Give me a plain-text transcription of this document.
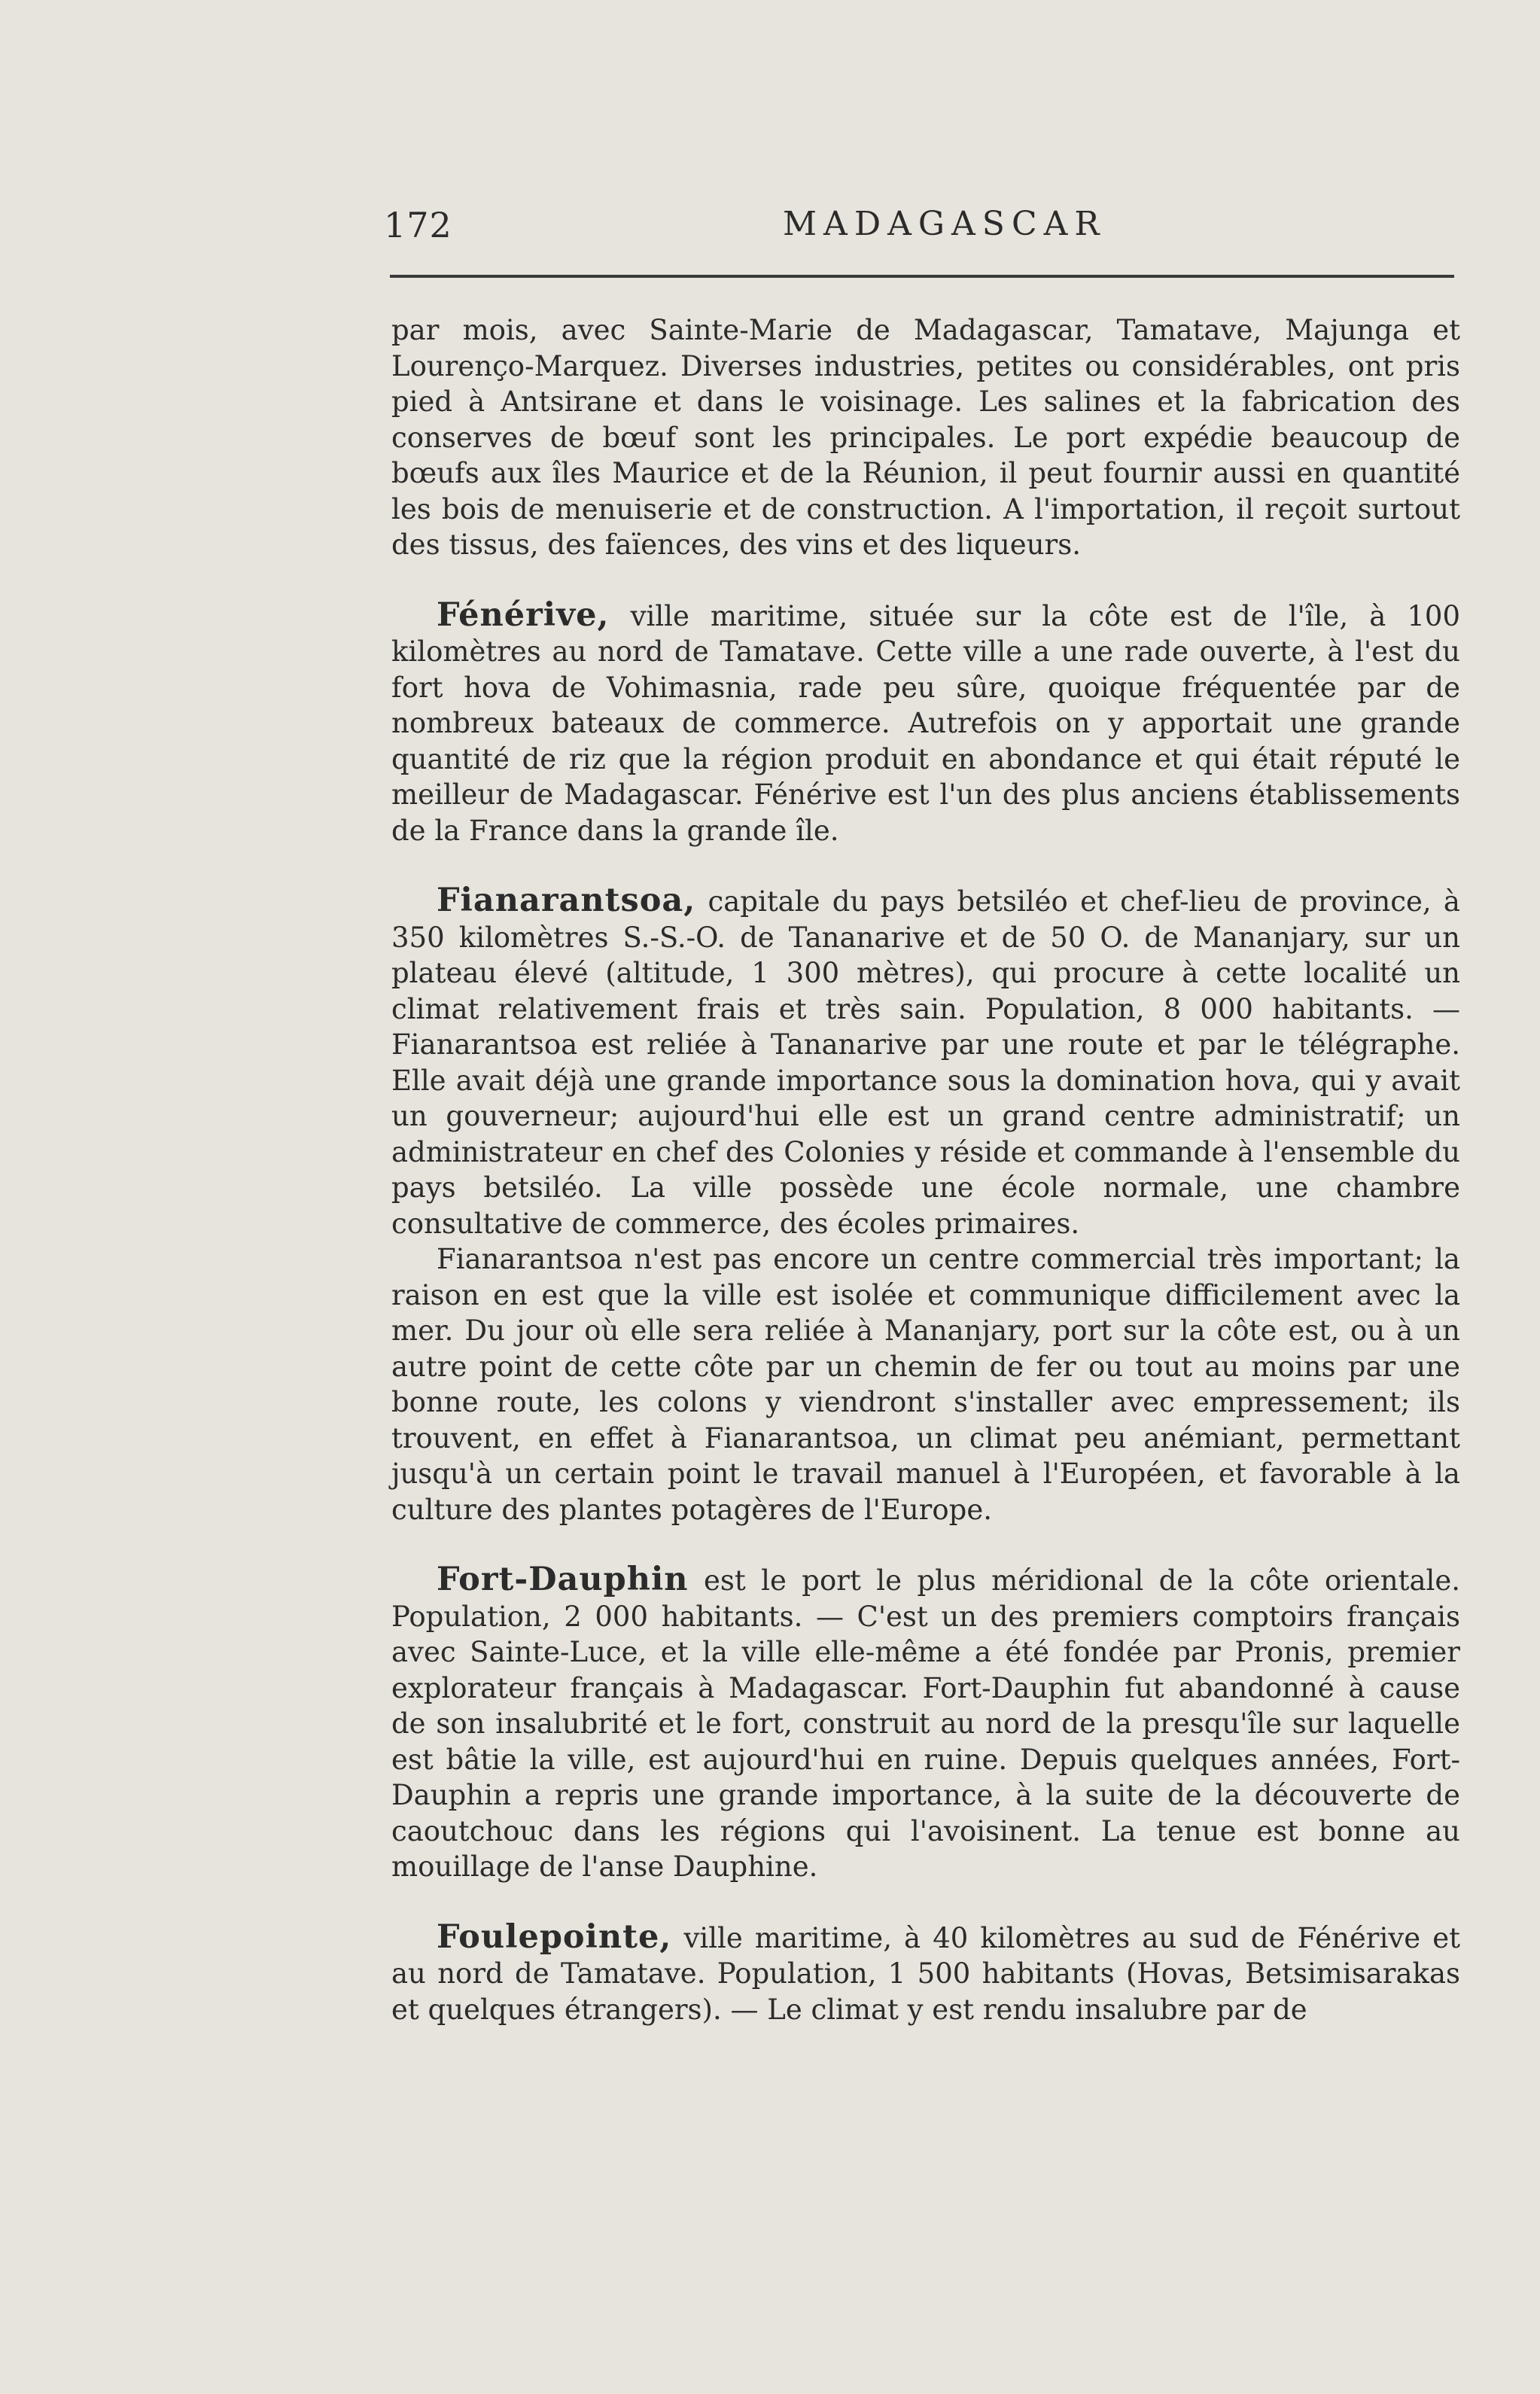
172	MADAGASCAR

par mois, avec Sainte-Marie de Madagascar, Tamatave, Majunga et Lourenço-Marquez. Diverses industries, petites ou considérables, ont pris pied à Antsirane et dans le voisinage. Les salines et la fabrication des conserves de bœuf sont les principales. Le port expédie beaucoup de bœufs aux îles Maurice et de la Réunion, il peut fournir aussi en quantité les bois de menuiserie et de construction. A l'importation, il reçoit surtout des tissus, des faïences, des vins et des liqueurs.

Fénérive, ville maritime, située sur la côte est de l'île, à 100 kilomètres au nord de Tamatave. Cette ville a une rade ouverte, à l'est du fort hova de Vohimasnia, rade peu sûre, quoique fréquentée par de nombreux bateaux de commerce. Autrefois on y apportait une grande quantité de riz que la région produit en abondance et qui était réputé le meilleur de Madagascar. Fénérive est l'un des plus anciens établissements de la France dans la grande île.

Fianarantsoa, capitale du pays betsiléo et chef-lieu de province, à 350 kilomètres S.-S.-O. de Tananarive et de 50 O. de Mananjary, sur un plateau élevé (altitude, 1 300 mètres), qui procure à cette localité un climat relativement frais et très sain. Population, 8 000 habitants. — Fianarantsoa est reliée à Tananarive par une route et par le télégraphe. Elle avait déjà une grande importance sous la domination hova, qui y avait un gouverneur; aujourd'hui elle est un grand centre administratif; un administrateur en chef des Colonies y réside et commande à l'ensemble du pays betsiléo. La ville possède une école normale, une chambre consultative de commerce, des écoles primaires.

Fianarantsoa n'est pas encore un centre commercial très important; la raison en est que la ville est isolée et communique difficilement avec la mer. Du jour où elle sera reliée à Mananjary, port sur la côte est, ou à un autre point de cette côte par un chemin de fer ou tout au moins par une bonne route, les colons y viendront s'installer avec empressement; ils trouvent, en effet à Fianarantsoa, un climat peu anémiant, permettant jusqu'à un certain point le travail manuel à l'Européen, et favorable à la culture des plantes potagères de l'Europe.

Fort-Dauphin est le port le plus méridional de la côte orientale. Population, 2 000 habitants. — C'est un des premiers comptoirs français avec Sainte-Luce, et la ville elle-même a été fondée par Pronis, premier explorateur français à Madagascar. Fort-Dauphin fut abandonné à cause de son insalubrité et le fort, construit au nord de la presqu'île sur laquelle est bâtie la ville, est aujourd'hui en ruine. Depuis quelques années, Fort-Dauphin a repris une grande importance, à la suite de la découverte de caoutchouc dans les régions qui l'avoisinent. La tenue est bonne au mouillage de l'anse Dauphine.

Foulepointe, ville maritime, à 40 kilomètres au sud de Fénérive et au nord de Tamatave. Population, 1 500 habitants (Hovas, Betsimisarakas et quelques étrangers). — Le climat y est rendu insalubre par de
